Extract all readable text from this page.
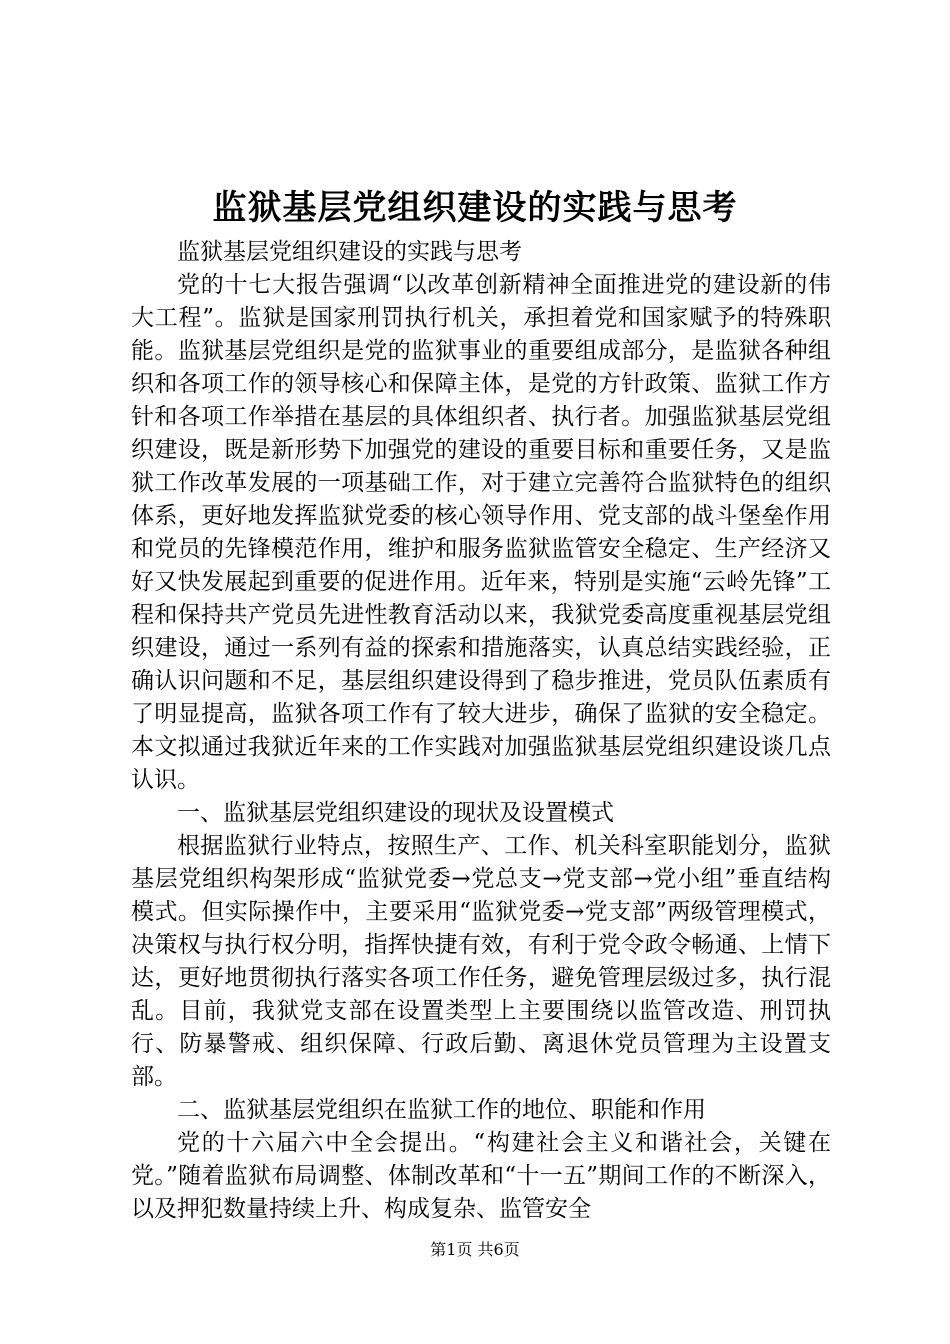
监狱基层党组织建设的实践与思考

监狱基层党组织建设的实践与思考

党的十七大报告强调“以改革创新精神全面推进党的建设新的伟大工程”。监狱是国家刑罚执行机关，承担着党和国家赋予的特殊职能。监狱基层党组织是党的监狱事业的重要组成部分，是监狱各种组织和各项工作的领导核心和保障主体，是党的方针政策、监狱工作方针和各项工作举措在基层的具体组织者、执行者。加强监狱基层党组织建设，既是新形势下加强党的建设的重要目标和重要任务，又是监狱工作改革发展的一项基础工作，对于建立完善符合监狱特色的组织体系，更好地发挥监狱党委的核心领导作用、党支部的战斗堡垒作用和党员的先锋模范作用，维护和服务监狱监管安全稳定、生产经济又好又快发展起到重要的促进作用。近年来，特别是实施“云岭先锋”工程和保持共产党员先进性教育活动以来，我狱党委高度重视基层党组织建设，通过一系列有益的探索和措施落实，认真总结实践经验，正确认识问题和不足，基层组织建设得到了稳步推进，党员队伍素质有了明显提高，监狱各项工作有了较大进步，确保了监狱的安全稳定。本文拟通过我狱近年来的工作实践对加强监狱基层党组织建设谈几点认识。

一、监狱基层党组织建设的现状及设置模式

根据监狱行业特点，按照生产、工作、机关科室职能划分，监狱基层党组织构架形成“监狱党委→党总支→党支部→党小组”垂直结构模式。但实际操作中，主要采用“监狱党委→党支部”两级管理模式，决策权与执行权分明，指挥快捷有效，有利于党令政令畅通、上情下达，更好地贯彻执行落实各项工作任务，避免管理层级过多，执行混乱。目前，我狱党支部在设置类型上主要围绕以监管改造、刑罚执行、防暴警戒、组织保障、行政后勤、离退休党员管理为主设置支部。

二、监狱基层党组织在监狱工作的地位、职能和作用

党的十六届六中全会提出。“构建社会主义和谐社会，关键在党。”随着监狱布局调整、体制改革和“十一五”期间工作的不断深入，以及押犯数量持续上升、构成复杂、监管安全

第1页 共6页
